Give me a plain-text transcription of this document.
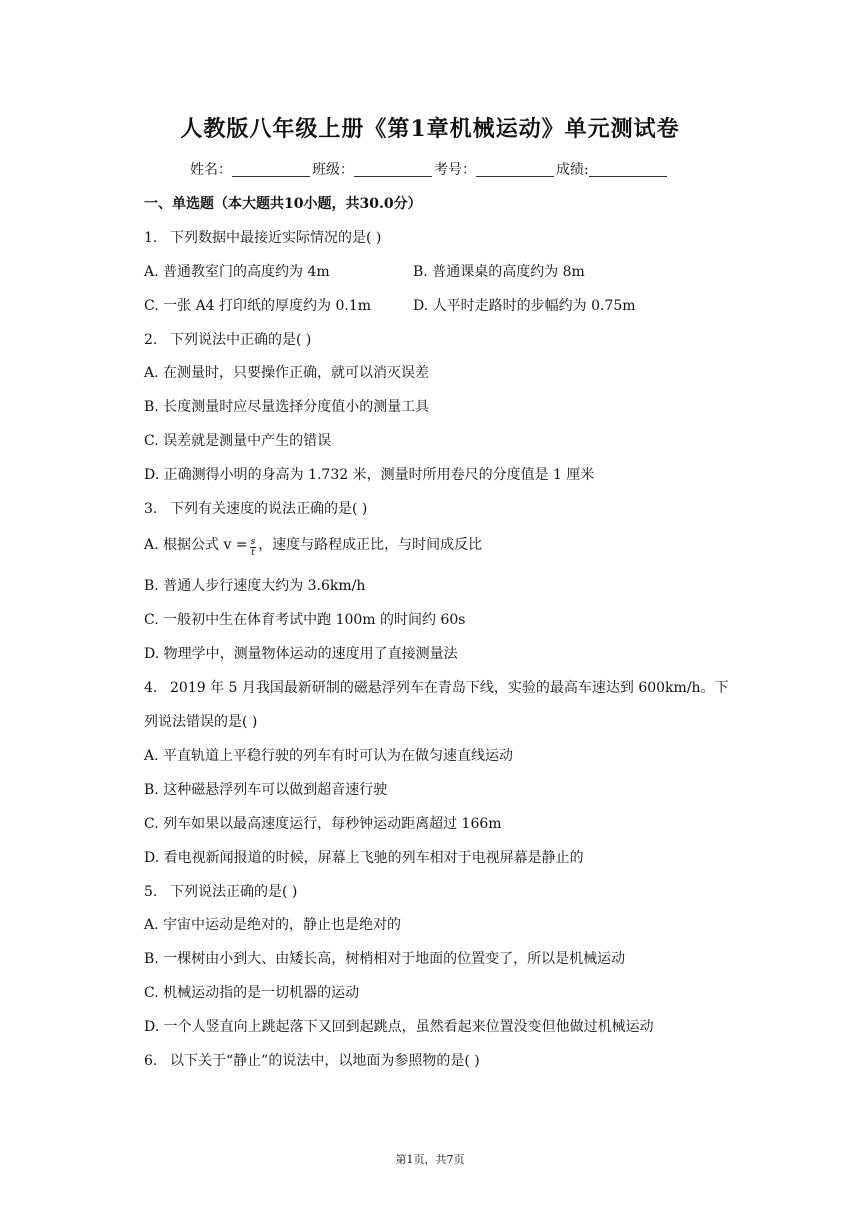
人教版八年级上册《第1章机械运动》单元测试卷
姓名：	班级：	考号：	成绩:
一、单选题（本大题共10小题，共30.0分）
1. 下列数据中最接近实际情况的是( )
A. 普通教室门的高度约为 4m	B. 普通课桌的高度约为 8m
C. 一张 A4 打印纸的厚度约为 0.1m	D. 人平时走路时的步幅约为 0.75m
2. 下列说法中正确的是( )
A. 在测量时，只要操作正确，就可以消灭误差
B. 长度测量时应尽量选择分度值小的测量工具
C. 误差就是测量中产生的错误
D. 正确测得小明的身高为 1.732 米，测量时所用卷尺的分度值是 1 厘米
3. 下列有关速度的说法正确的是( )
A. 根据公式 $v = \frac{s}{t}$ ，速度与路程成正比，与时间成反比
B. 普通人步行速度大约为 3.6km/h
C. 一般初中生在体育考试中跑 100m 的时间约 60s
D. 物理学中，测量物体运动的速度用了直接测量法
4. 2019 年 5 月我国最新研制的磁悬浮列车在青岛下线，实验的最高车速达到 600km/h。下
列说法错误的是( )
A. 平直轨道上平稳行驶的列车有时可认为在做匀速直线运动
B. 这种磁悬浮列车可以做到超音速行驶
C. 列车如果以最高速度运行，每秒钟运动距离超过 166m
D. 看电视新闻报道的时候，屏幕上飞驰的列车相对于电视屏幕是静止的
5. 下列说法正确的是( )
A. 宇宙中运动是绝对的，静止也是绝对的
B. 一棵树由小到大、由矮长高，树梢相对于地面的位置变了，所以是机械运动
C. 机械运动指的是一切机器的运动
D. 一个人竖直向上跳起落下又回到起跳点，虽然看起来位置没变但他做过机械运动
6. 以下关于“静止”的说法中，以地面为参照物的是( )
第1页，共7页
